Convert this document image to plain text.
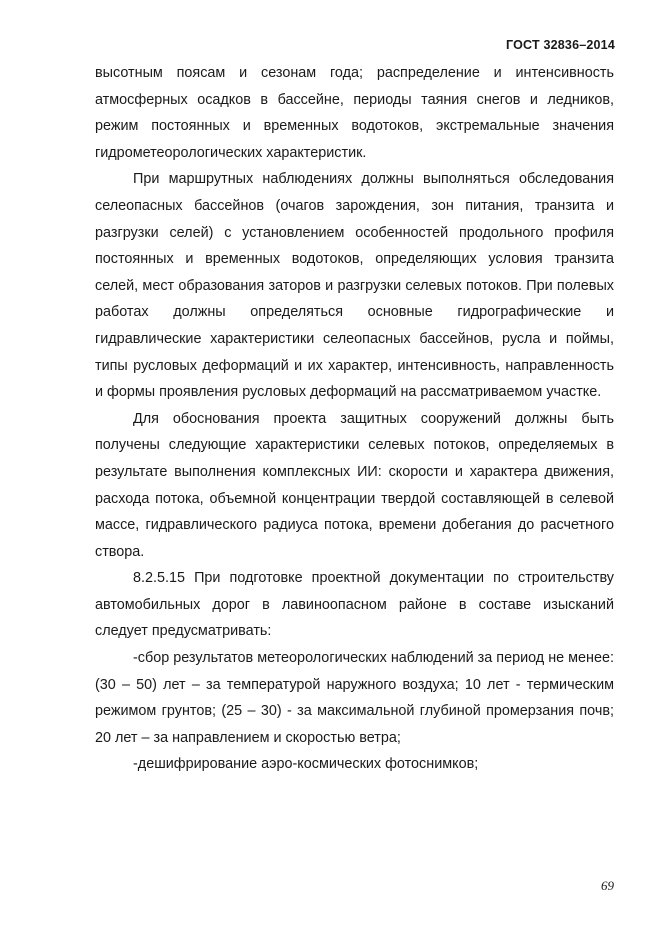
ГОСТ 32836–2014

высотным поясам и сезонам года; распределение и интенсивность атмосферных осадков в бассейне, периоды таяния снегов и ледников, режим постоянных и временных водотоков, экстремальные значения гидрометеорологических характеристик.

При маршрутных наблюдениях должны выполняться обследования селеопасных бассейнов (очагов зарождения, зон питания, транзита и разгрузки селей) с установлением особенностей продольного профиля постоянных и временных водотоков, определяющих условия транзита селей, мест образования заторов и разгрузки селевых потоков. При полевых работах должны определяться основные гидрографические и гидравлические характеристики селеопасных бассейнов, русла и поймы, типы русловых деформаций и их характер, интенсивность, направленность и формы проявления русловых деформаций на рассматриваемом участке.

Для обоснования проекта защитных сооружений должны быть получены следующие характеристики селевых потоков, определяемых в результате выполнения комплексных ИИ: скорости и характера движения, расхода потока, объемной концентрации твердой составляющей в селевой массе, гидравлического радиуса потока, времени добегания до расчетного створа.

8.2.5.15 При подготовке проектной документации по строительству автомобильных дорог в лавиноопасном районе в составе изысканий следует предусматривать:

-сбор результатов метеорологических наблюдений за период не менее: (30 – 50) лет – за температурой наружного воздуха; 10 лет - термическим режимом грунтов; (25 – 30) - за максимальной глубиной промерзания почв; 20 лет – за направлением и скоростью ветра;

-дешифрирование аэро-космических фотоснимков;

69
